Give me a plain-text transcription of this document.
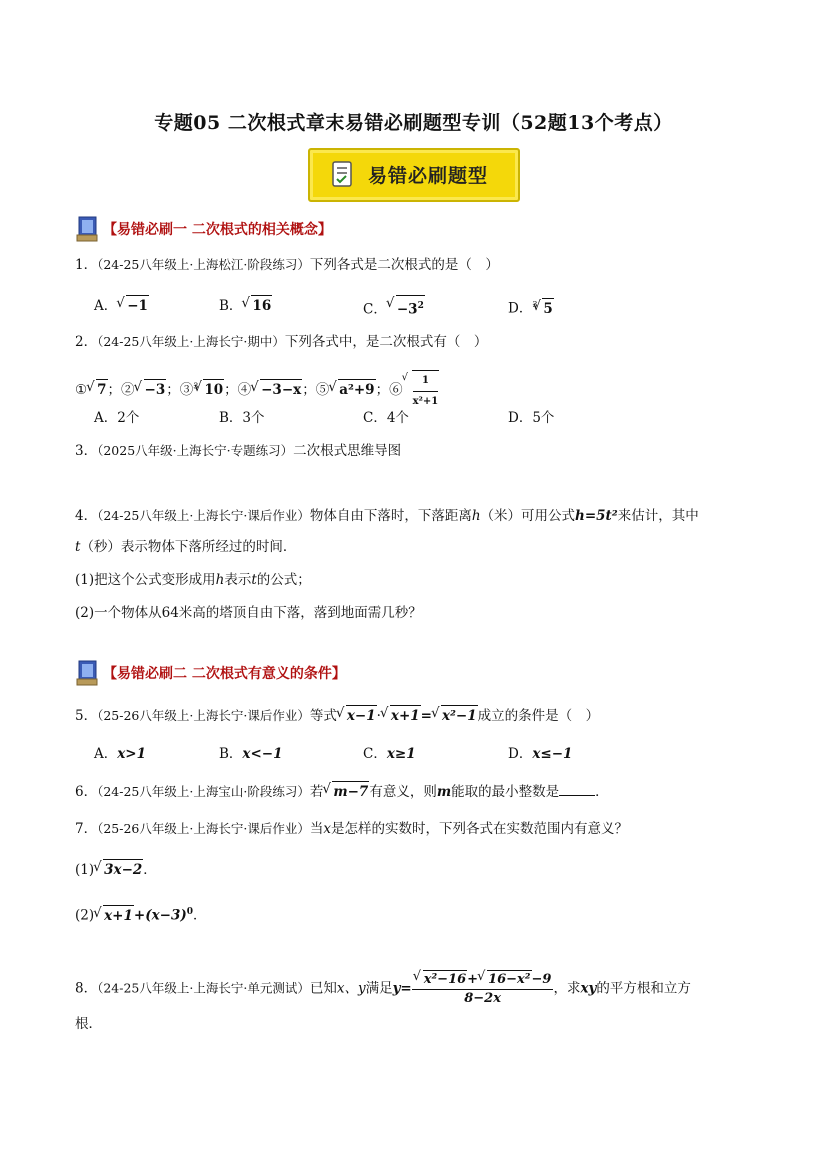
专题05 二次根式章末易错必刷题型专训（52题13个考点）
易错必刷题型
【易错必刷一 二次根式的相关概念】
1．（24-25八年级上·上海松江·阶段练习）下列各式是二次根式的是（　）
A． √ −1	B． √ 16	C． √ $-3^2$	D．$^3$ √ 5
2．（24-25八年级上·上海长宁·期中）下列各式中，是二次根式有（　）
① √ 7；② √ −3；③$^3$ √ 10；④ √ −3−x；⑤ √ a²+9；⑥ √ $\frac{1}{\text{x²+1}}$
A．2个	B．3个	C．4个	D．5个
3．（2025八年级·上海长宁·专题练习）二次根式思维导图
4．（24-25八年级上·上海长宁·课后作业）物体自由下落时，下落距离h（米）可用公式h=5t²来估计，其中
t（秒）表示物体下落所经过的时间．
(1)把这个公式变形成用h表示t的公式；
(2)一个物体从64米高的塔顶自由下落，落到地面需几秒？
【易错必刷二 二次根式有意义的条件】
5．（25-26八年级上·上海长宁·课后作业）等式 √ x−1· √ x+1= √ x²−1成立的条件是（　）
A．x>1	B．x<−1	C．x≥1	D．x≤−1
6．（24-25八年级上·上海宝山·阶段练习）若 √ m−7有意义，则m能取的最小整数是	．
7．（25-26八年级上·上海长宁·课后作业）当x是怎样的实数时，下列各式在实数范围内有意义？
(1) √ 3x−2．
(2) √ $x+1+(x-3)^0$．
8．（24-25八年级上·上海长宁·单元测试）已知x、y满足y= √ $\frac{\text{x²−16+ √ 16−x²−9}}{8-2x}$ ，求xy的平方根和立方
根．
